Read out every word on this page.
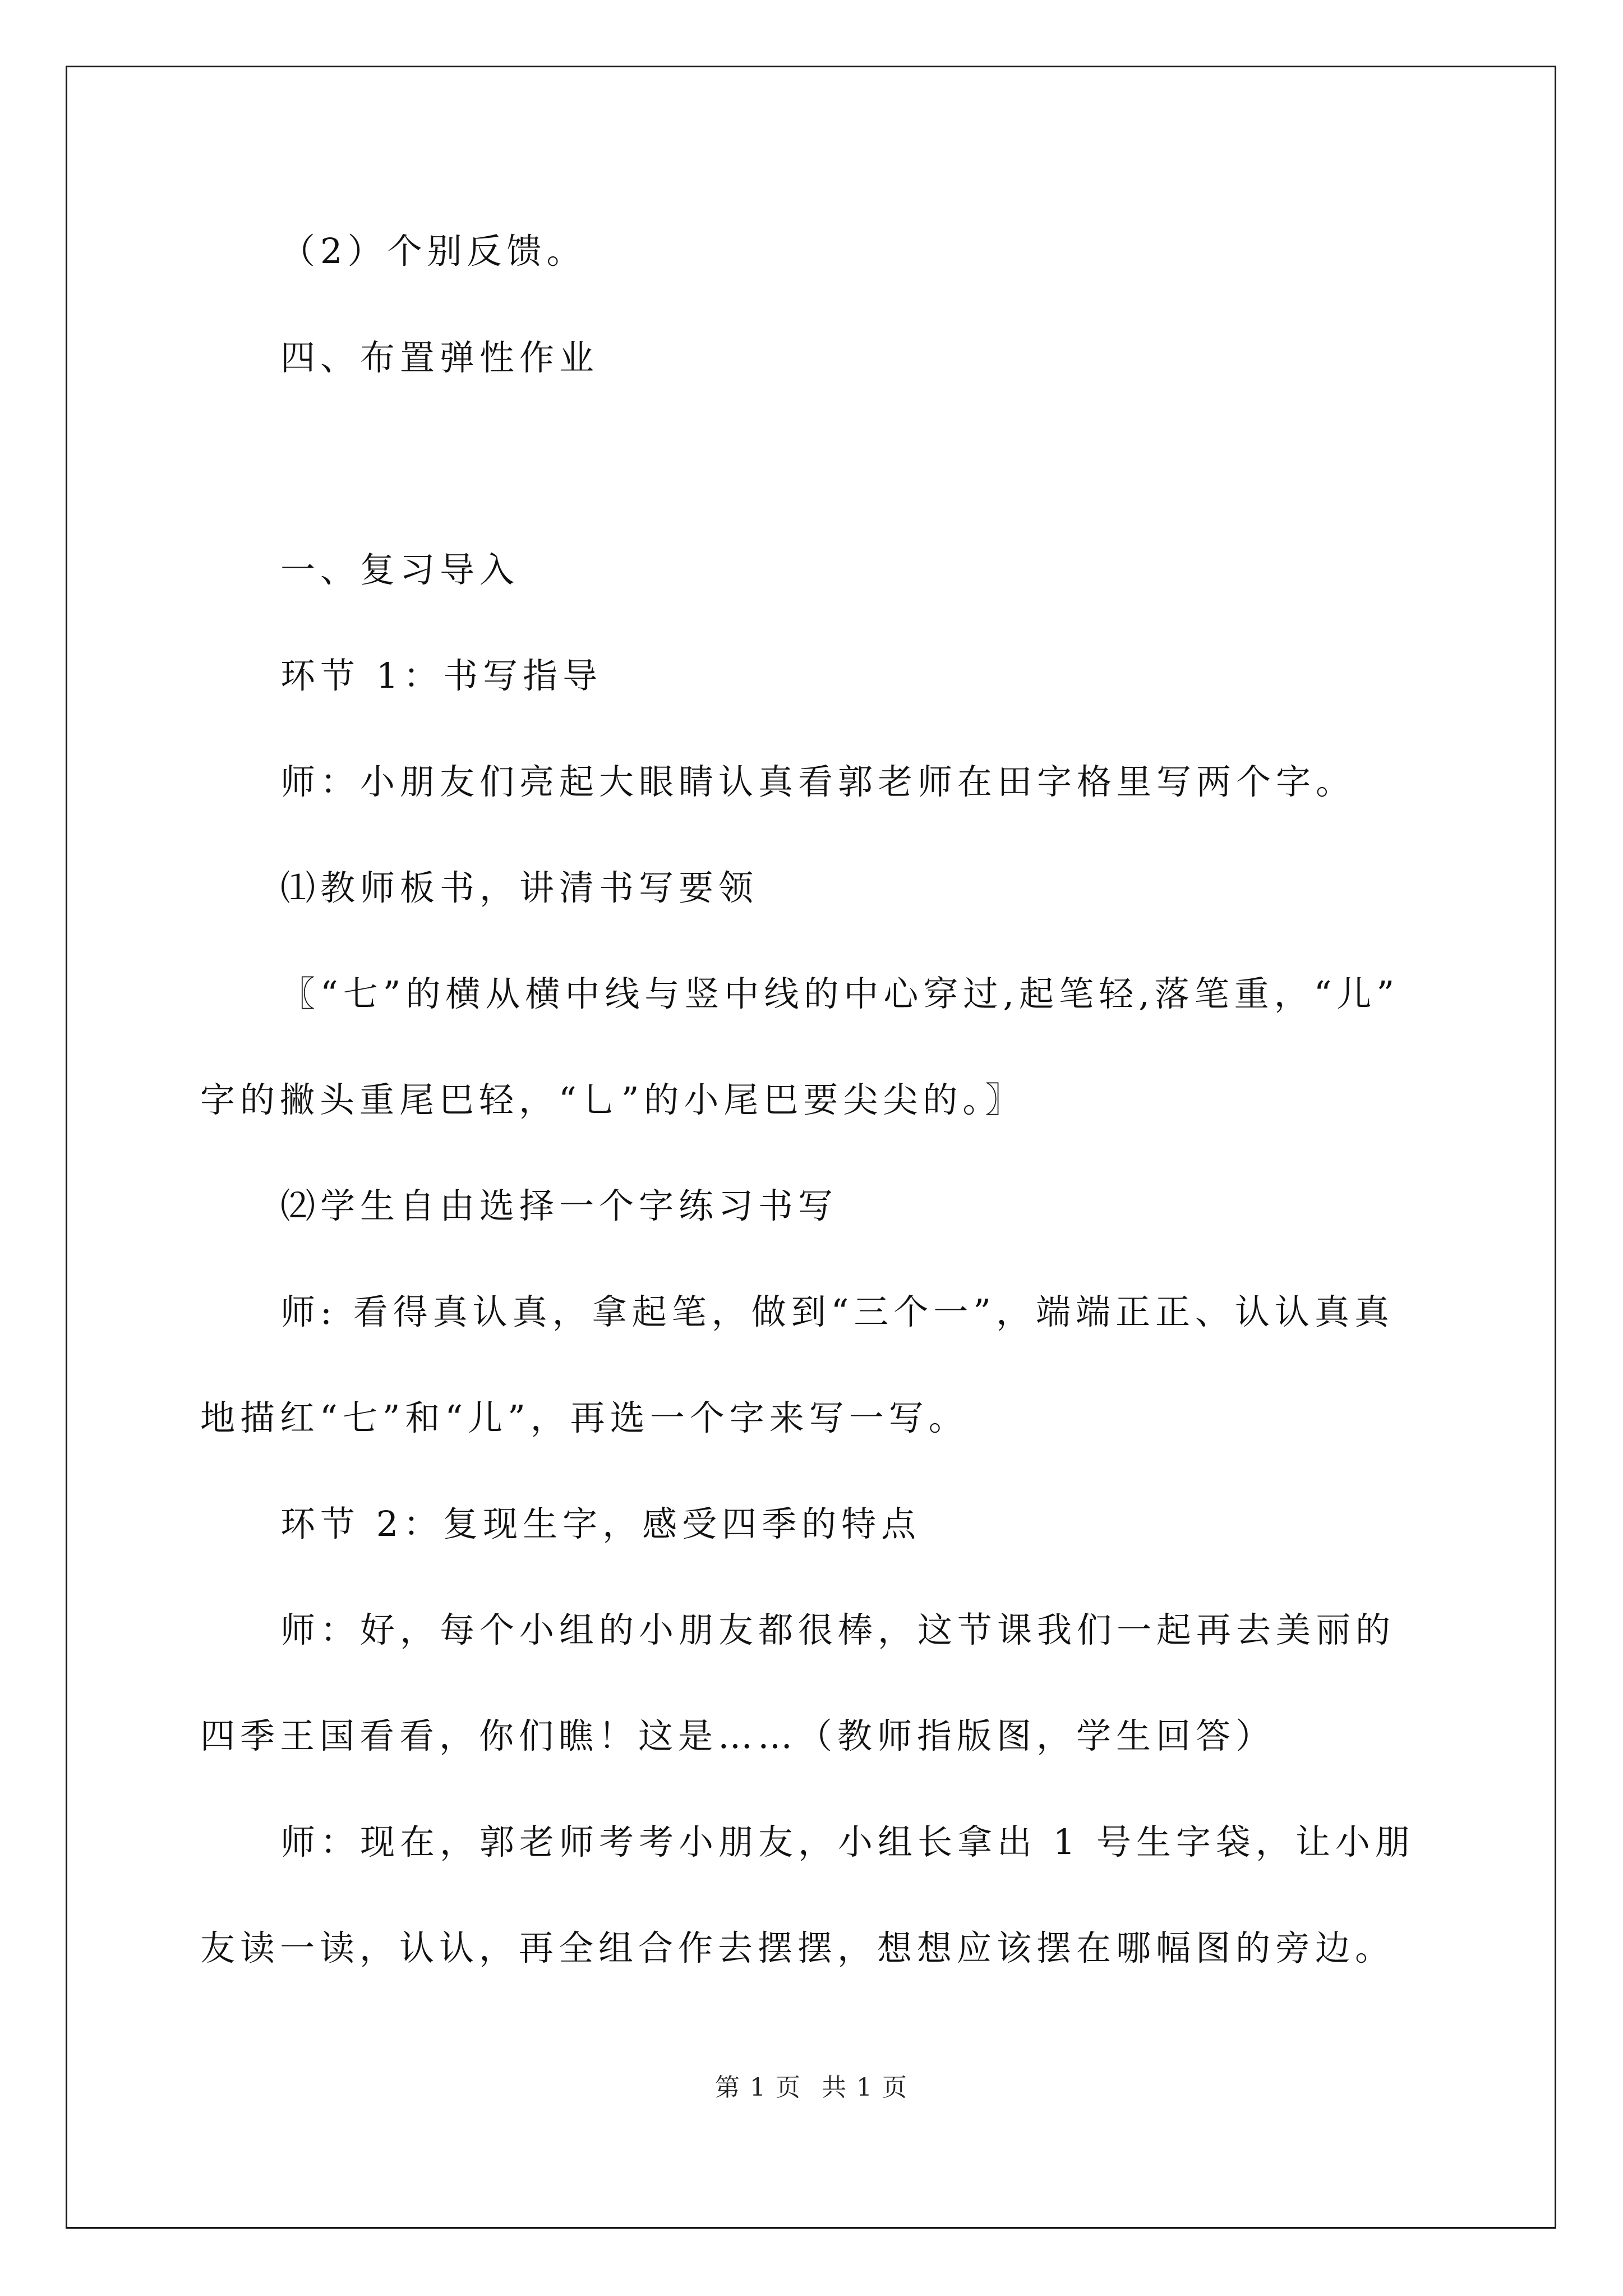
（2）个别反馈。

四、布置弹性作业

一、复习导入

环节 1：书写指导

师：小朋友们亮起大眼睛认真看郭老师在田字格里写两个字。

⑴教师板书，讲清书写要领

〖“七”的横从横中线与竖中线的中心穿过,起笔轻,落笔重，“儿”

字的撇头重尾巴轻，“乚”的小尾巴要尖尖的。〗

⑵学生自由选择一个字练习书写

师: 看得真认真，拿起笔，做到“三个一”，端端正正、认认真真

地描红“七”和“儿”，再选一个字来写一写。

环节 2：复现生字，感受四季的特点

师：好，每个小组的小朋友都很棒，这节课我们一起再去美丽的

四季王国看看，你们瞧！这是……（教师指版图，学生回答）

师：现在，郭老师考考小朋友，小组长拿出 1 号生字袋，让小朋

友读一读，认认，再全组合作去摆摆，想想应该摆在哪幅图的旁边。

第 1 页 共 1 页
